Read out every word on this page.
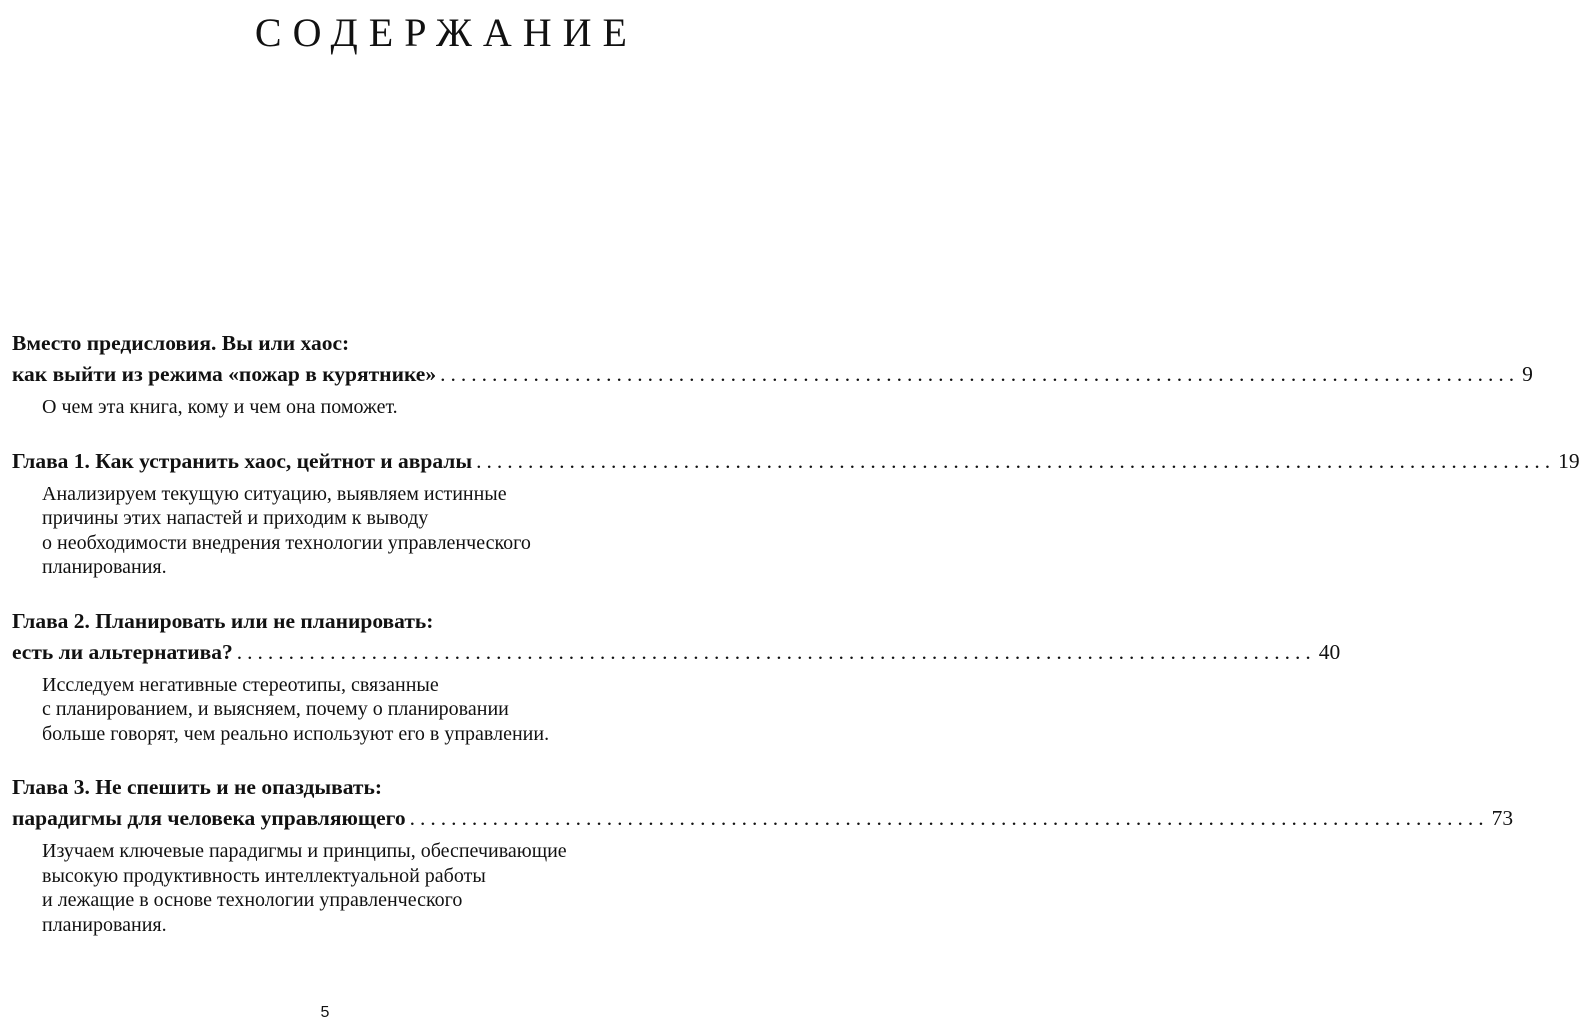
СОДЕРЖАНИЕ
Вместо предисловия. Вы или хаос:
как выйти из режима «пожар в курятнике» ........................................................................................................ 9
О чем эта книга, кому и чем она поможет.
Глава 1. Как устранить хаос, цейтнот и авралы ........................................................................................................ 19
Анализируем текущую ситуацию, выявляем истинные
причины этих напастей и приходим к выводу
о необходимости внедрения технологии управленческого
планирования.
Глава 2. Планировать или не планировать:
есть ли альтернатива? ........................................................................................................ 40
Исследуем негативные стереотипы, связанные
с планированием, и выясняем, почему о планировании
больше говорят, чем реально используют его в управлении.
Глава 3. Не спешить и не опаздывать:
парадигмы для человека управляющего ........................................................................................................ 73
Изучаем ключевые парадигмы и принципы, обеспечивающие
высокую продуктивность интеллектуальной работы
и лежащие в основе технологии управленческого
планирования.
5
